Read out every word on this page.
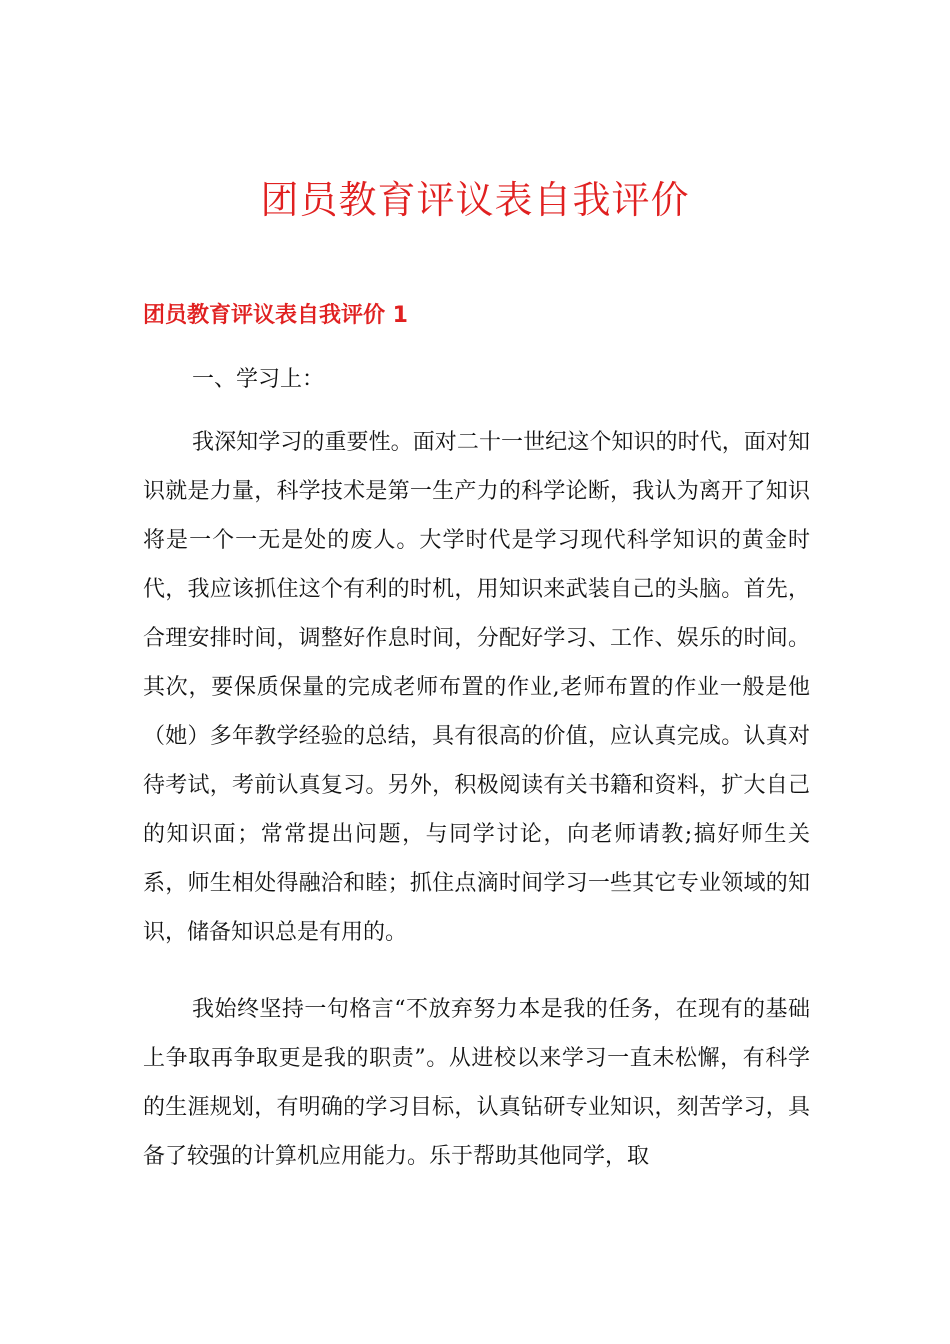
团员教育评议表自我评价
团员教育评议表自我评价 1

一、学习上：

我深知学习的重要性。面对二十一世纪这个知识的时代，面对知识就是力量，科学技术是第一生产力的科学论断，我认为离开了知识将是一个一无是处的废人。大学时代是学习现代科学知识的黄金时代，我应该抓住这个有利的时机，用知识来武装自己的头脑。首先，合理安排时间，调整好作息时间，分配好学习、工作、娱乐的时间。其次，要保质保量的完成老师布置的作业,老师布置的作业一般是他（她）多年教学经验的总结，具有很高的价值，应认真完成。认真对待考试，考前认真复习。另外，积极阅读有关书籍和资料，扩大自己的知识面；常常提出问题，与同学讨论，向老师请教;搞好师生关系，师生相处得融洽和睦；抓住点滴时间学习一些其它专业领域的知识，储备知识总是有用的。

我始终坚持一句格言“不放弃努力本是我的任务，在现有的基础上争取再争取更是我的职责”。从进校以来学习一直未松懈，有科学的生涯规划，有明确的学习目标，认真钻研专业知识，刻苦学习，具备了较强的计算机应用能力。乐于帮助其他同学，取
